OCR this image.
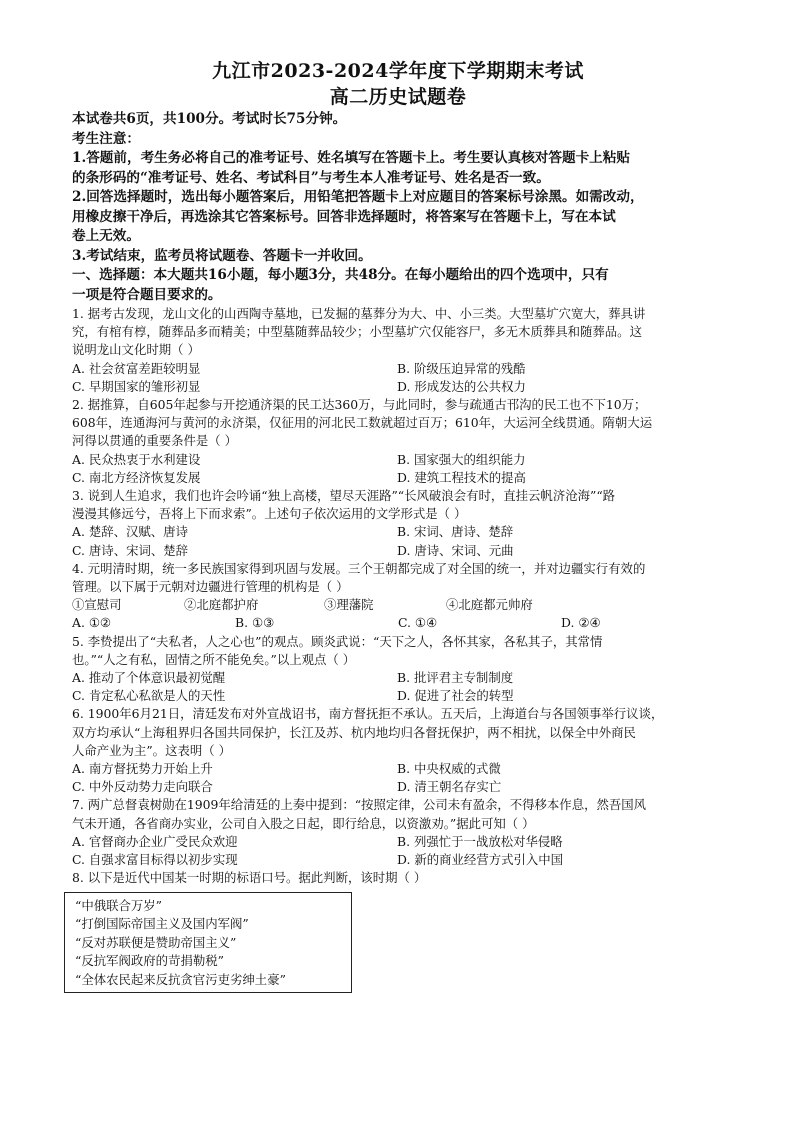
九江市2023-2024学年度下学期期末考试
高二历史试题卷
本试卷共6页，共100分。考试时长75分钟。
考生注意：
1.答题前，考生务必将自己的准考证号、姓名填写在答题卡上。考生要认真核对答题卡上粘贴
的条形码的“准考证号、姓名、考试科目”与考生本人准考证号、姓名是否一致。
2.回答选择题时，选出每小题答案后，用铅笔把答题卡上对应题目的答案标号涂黑。如需改动，
用橡皮擦干净后，再选涂其它答案标号。回答非选择题时，将答案写在答题卡上，写在本试
卷上无效。
3.考试结束，监考员将试题卷、答题卡一并收回。
一、选择题：本大题共16小题，每小题3分，共48分。在每小题给出的四个选项中，只有
一项是符合题目要求的。
1. 据考古发现，龙山文化的山西陶寺墓地，已发掘的墓葬分为大、中、小三类。大型墓圹穴宽大，葬具讲
究，有棺有椁，随葬品多而精美；中型墓随葬品较少；小型墓圹穴仅能容尸，多无木质葬具和随葬品。这
说明龙山文化时期（ ）
A. 社会贫富差距较明显	B. 阶级压迫异常的残酷
C. 早期国家的雏形初显	D. 形成发达的公共权力
2. 据推算，自605年起参与开挖通济渠的民工达360万，与此同时，参与疏通古邗沟的民工也不下10万；
608年，连通海河与黄河的永济渠，仅征用的河北民工数就超过百万；610年，大运河全线贯通。隋朝大运
河得以贯通的重要条件是（ ）
A. 民众热衷于水利建设	B. 国家强大的组织能力
C. 南北方经济恢复发展	D. 建筑工程技术的提高
3. 说到人生追求，我们也许会吟诵“独上高楼，望尽天涯路”“长风破浪会有时，直挂云帆济沧海”“路
漫漫其修远兮，吾将上下而求索”。上述句子依次运用的文学形式是（ ）
A. 楚辞、汉赋、唐诗	B. 宋词、唐诗、楚辞
C. 唐诗、宋词、楚辞	D. 唐诗、宋词、元曲
4. 元明清时期，统一多民族国家得到巩固与发展。三个王朝都完成了对全国的统一，并对边疆实行有效的
管理。以下属于元朝对边疆进行管理的机构是（ ）
①宣慰司	②北庭都护府	③理藩院	④北庭都元帅府
A. ①②	B. ①③	C. ①④	D. ②④
5. 李贽提出了“夫私者，人之心也”的观点。顾炎武说：“天下之人，各怀其家，各私其子，其常情
也。”“人之有私，固情之所不能免矣。”以上观点（ ）
A. 推动了个体意识最初觉醒	B. 批评君主专制制度
C. 肯定私心私欲是人的天性	D. 促进了社会的转型
6. 1900年6月21日，清廷发布对外宣战诏书，南方督抚拒不承认。五天后，上海道台与各国领事举行议谈，
双方均承认“上海租界归各国共同保护，长江及苏、杭内地均归各督抚保护，两不相扰，以保全中外商民
人命产业为主”。这表明（ ）
A. 南方督抚势力开始上升	B. 中央权威的式微
C. 中外反动势力走向联合	D. 清王朝名存实亡
7. 两广总督袁树勋在1909年给清廷的上奏中提到：“按照定律，公司未有盈余，不得移本作息，然吾国风
气未开通，各省商办实业，公司自入股之日起，即行给息，以资激劝。”据此可知（ ）
A. 官督商办企业广受民众欢迎	B. 列强忙于一战放松对华侵略
C. 自强求富目标得以初步实现	D. 新的商业经营方式引入中国
8. 以下是近代中国某一时期的标语口号。据此判断，该时期（ ）
“中俄联合万岁”
“打倒国际帝国主义及国内军阀”
“反对苏联便是赞助帝国主义”
“反抗军阀政府的苛捐勒税”
“全体农民起来反抗贪官污吏劣绅土豪”
